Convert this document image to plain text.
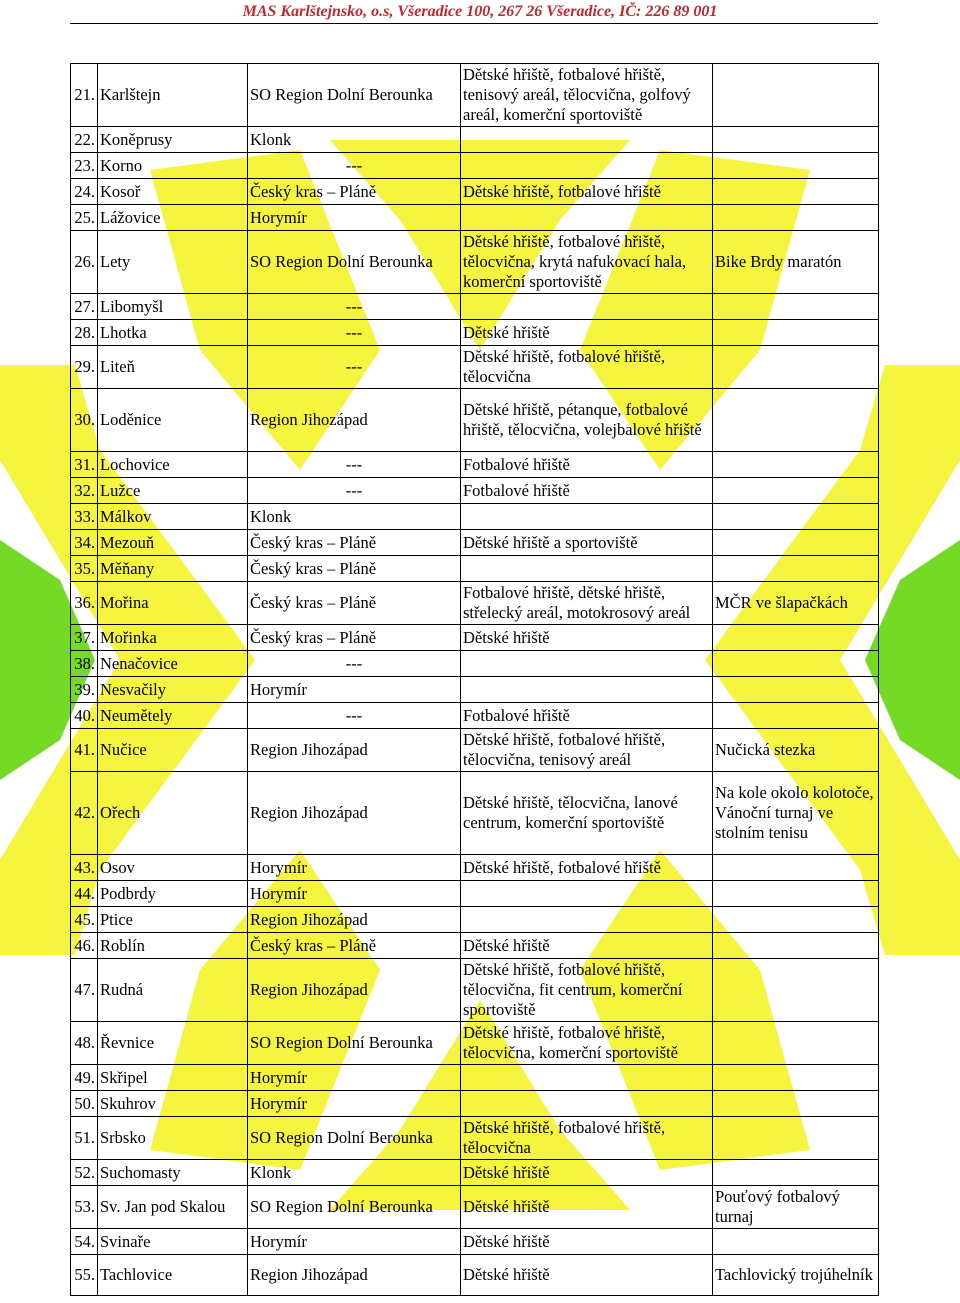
MAS Karlštejnsko, o.s, Všeradice 100, 267 26 Všeradice, IČ: 226 89 001
21.	Karlštejn	SO Region Dolní Berounka	Dětské hřiště, fotbalové hřiště, tenisový areál, tělocvična, golfový areál, komerční sportoviště	
22.	Koněprusy	Klonk		
23.	Korno	---		
24.	Kosoř	Český kras – Pláně	Dětské hřiště, fotbalové hřiště	
25.	Lážovice	Horymír		
26.	Lety	SO Region Dolní Berounka	Dětské hřiště, fotbalové hřiště, tělocvična, krytá nafukovací hala, komerční sportoviště	Bike Brdy maratón
27.	Libomyšl	---		
28.	Lhotka	---	Dětské hřiště	
29.	Liteň	---	Dětské hřiště, fotbalové hřiště, tělocvična	
30.	Loděnice	Region Jihozápad	Dětské hřiště, pétanque, fotbalové hřiště, tělocvična, volejbalové hřiště	
31.	Lochovice	---	Fotbalové hřiště	
32.	Lužce	---	Fotbalové hřiště	
33.	Málkov	Klonk		
34.	Mezouň	Český kras – Pláně	Dětské hřiště a sportoviště	
35.	Měňany	Český kras – Pláně		
36.	Mořina	Český kras – Pláně	Fotbalové hřiště, dětské hřiště, střelecký areál, motokrosový areál	MČR ve šlapačkách
37.	Mořinka	Český kras – Pláně	Dětské hřiště	
38.	Nenačovice	---		
39.	Nesvačily	Horymír		
40.	Neumětely	---	Fotbalové hřiště	
41.	Nučice	Region Jihozápad	Dětské hřiště, fotbalové hřiště, tělocvična, tenisový areál	Nučická stezka
42.	Ořech	Region Jihozápad	Dětské hřiště, tělocvična, lanové centrum, komerční sportoviště	Na kole okolo kolotoče, Vánoční turnaj ve stolním tenisu
43.	Osov	Horymír	Dětské hřiště, fotbalové hřiště	
44.	Podbrdy	Horymír		
45.	Ptice	Region Jihozápad		
46.	Roblín	Český kras – Pláně	Dětské hřiště	
47.	Rudná	Region Jihozápad	Dětské hřiště, fotbalové hřiště, tělocvična, fit centrum, komerční sportoviště	
48.	Řevnice	SO Region Dolní Berounka	Dětské hřiště, fotbalové hřiště, tělocvična, komerční sportoviště	
49.	Skřipel	Horymír		
50.	Skuhrov	Horymír		
51.	Srbsko	SO Region Dolní Berounka	Dětské hřiště, fotbalové hřiště, tělocvična	
52.	Suchomasty	Klonk	Dětské hřiště	
53.	Sv. Jan pod Skalou	SO Region Dolní Berounka	Dětské hřiště	Pouťový fotbalový turnaj
54.	Svinaře	Horymír	Dětské hřiště	
55.	Tachlovice	Region Jihozápad	Dětské hřiště	Tachlovický trojúhelník
